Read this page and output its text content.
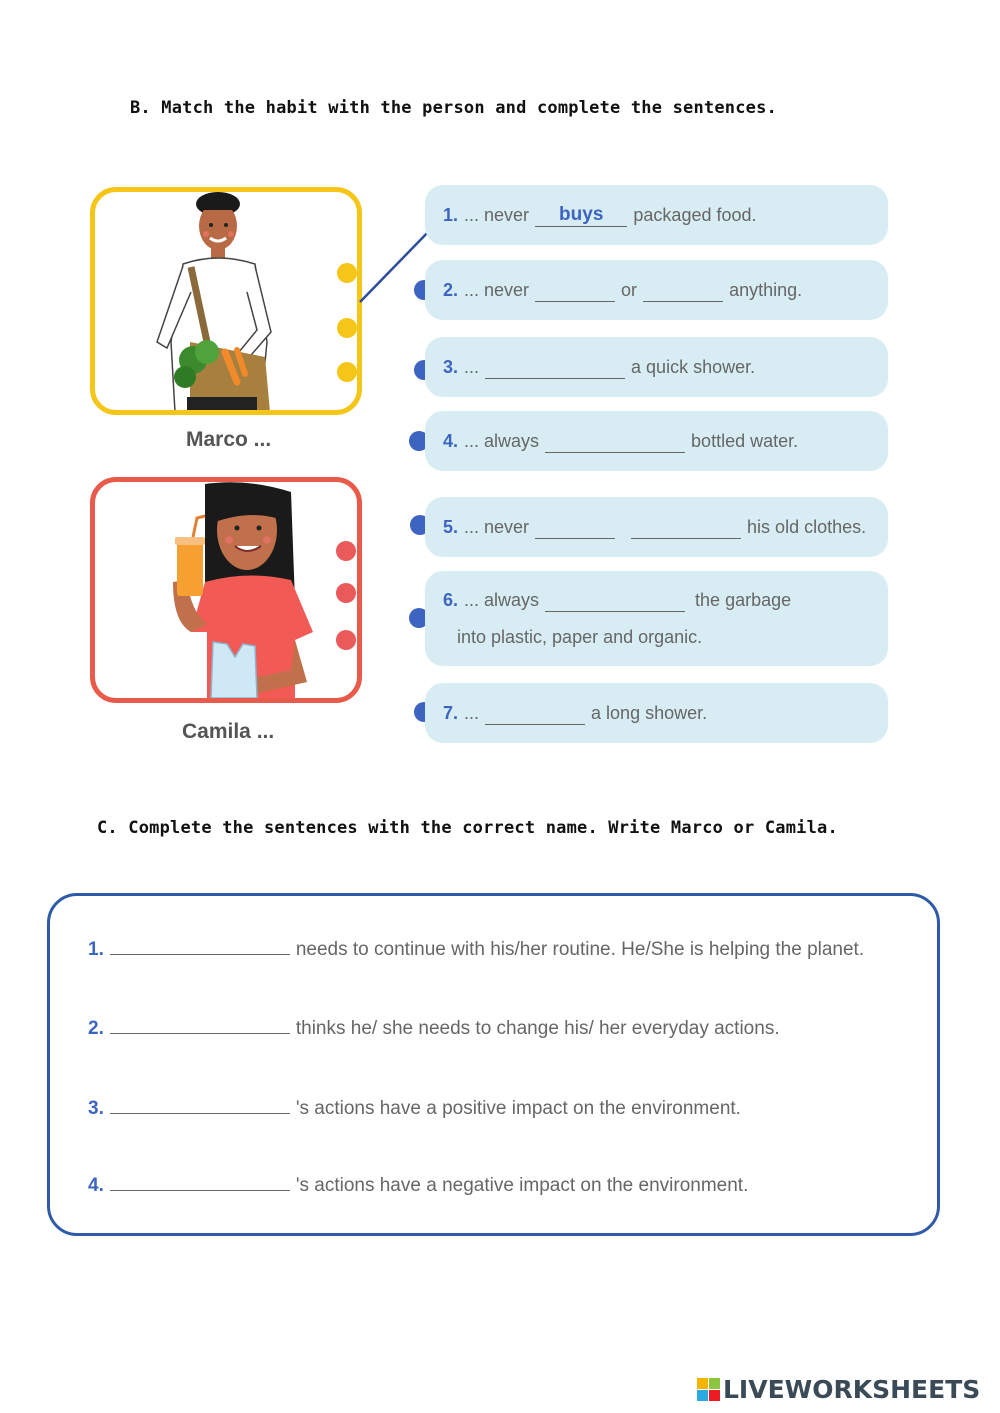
B. Match the habit with the person and complete the sentences.
Marco ...
Camila ...
1. ... never	buys	packaged food.
2. ... never	or	anything.
3. ...	a quick shower.
4. ... always	bottled water.
5. ... never	his old clothes.
6. ... always	the garbage
into plastic, paper and organic.
7. ...	a long shower.
C. Complete the sentences with the correct name. Write Marco or Camila.
1.	needs to continue with his/her routine. He/She is helping the planet.
2.	thinks he/ she needs to change his/ her everyday actions.
3.	's actions have a positive impact on the environment.
4.	's actions have a negative impact on the environment.
LIVEWORKSHEETS
